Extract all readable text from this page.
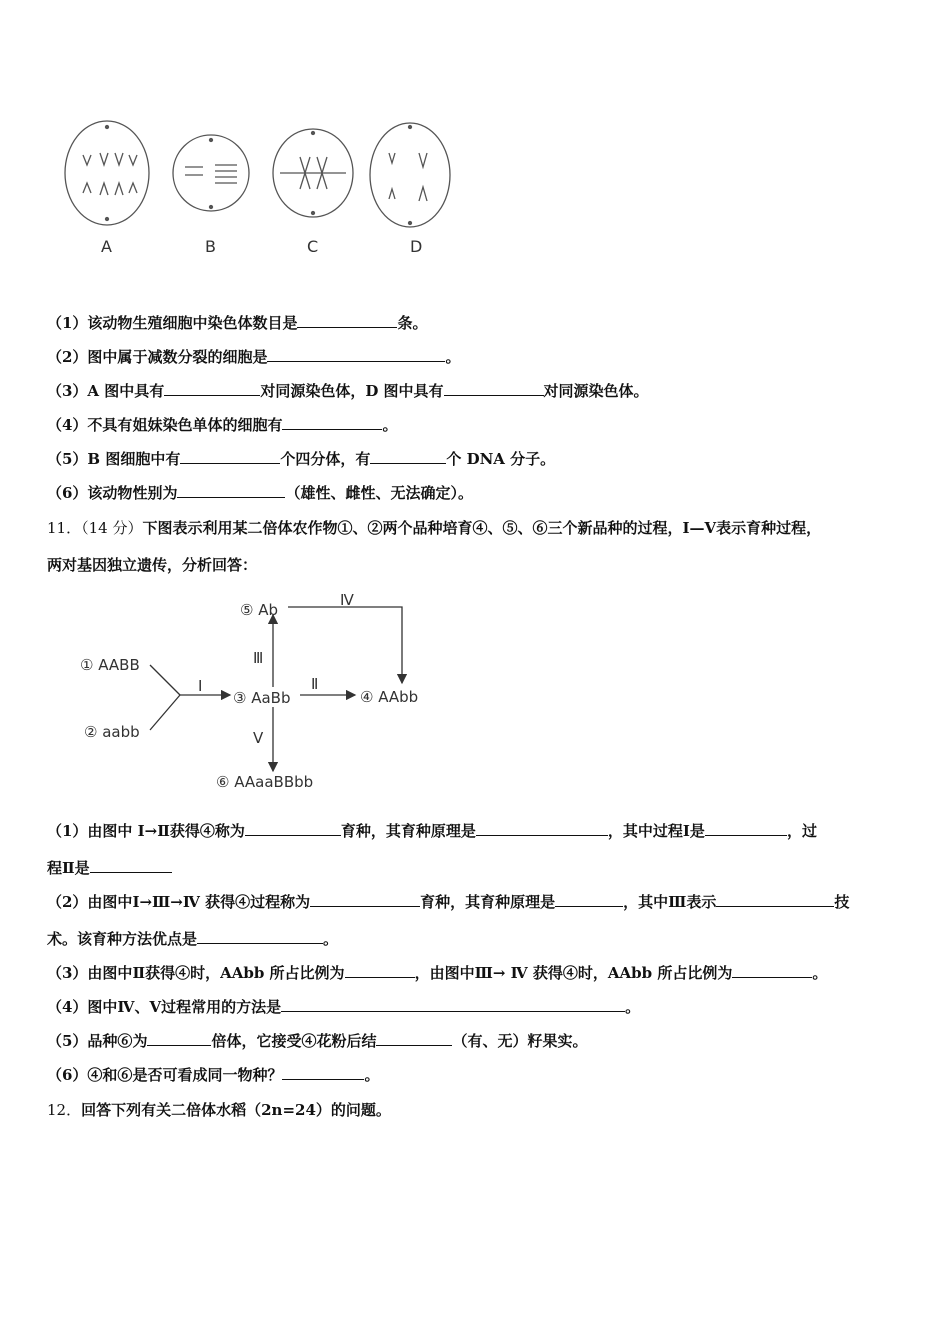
A	B	C	D
（1）该动物生殖细胞中染色体数目是	条。
（2）图中属于减数分裂的细胞是	。
（3）A 图中具有	对同源染色体，D 图中具有	对同源染色体。
（4）不具有姐妹染色单体的细胞有	。
（5）B 图细胞中有	个四分体，有	个 DNA 分子。
（6）该动物性别为	（雄性、雌性、无法确定）。
11．（14 分）下图表示利用某二倍体农作物①、②两个品种培育④、⑤、⑥三个新品种的过程，Ⅰ—Ⅴ表示育种过程，
两对基因独立遗传，分析回答：
⑤ Ab
① AABB
② aabb
③ AaBb	④ AAbb
⑥ AAaaBBbb
Ⅰ	Ⅱ
Ⅲ
Ⅳ
Ⅴ
（1）由图中 Ⅰ→Ⅱ获得④称为	育种，其育种原理是	，其中过程Ⅰ是	，过
程Ⅱ是
（2）由图中Ⅰ→Ⅲ→Ⅳ 获得④过程称为	育种，其育种原理是	，其中Ⅲ表示	技
术。该育种方法优点是	。
（3）由图中Ⅱ获得④时，AAbb 所占比例为	，由图中Ⅲ→ Ⅳ 获得④时，AAbb 所占比例为	。
（4）图中Ⅳ、Ⅴ过程常用的方法是	。
（5）品种⑥为	倍体，它接受④花粉后结	（有、无）籽果实。
（6）④和⑥是否可看成同一物种？	。
12．回答下列有关二倍体水稻（2n=24）的问题。
